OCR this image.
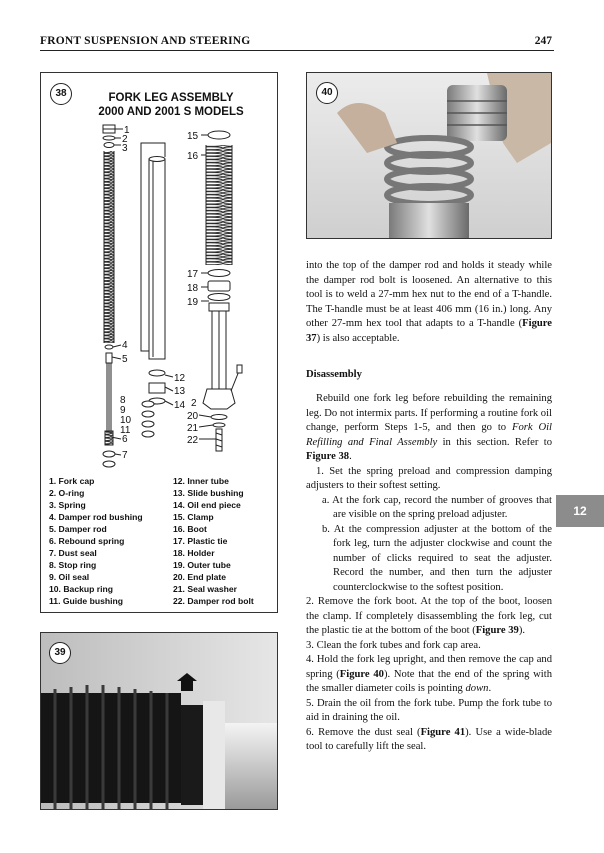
FRONT SUSPENSION AND STEERING	247
38	FORK LEG ASSEMBLY
2000 AND 2001 S MODELS
1
2
3
4
5
6
7
12
13
14
15
16
17
18
19
2
20
21
22
1. Fork cap
2. O-ring
3. Spring
4. Damper rod bushing
5. Damper rod
6. Rebound spring
7. Dust seal
8. Stop ring
9. Oil seal
10. Backup ring
11. Guide bushing
12. Inner tube
13. Slide bushing
14. Oil end piece
15. Clamp
16. Boot
17. Plastic tie
18. Holder
19. Outer tube
20. End plate
21. Seal washer
22. Damper rod bolt
8
9
10
11
39
40
12

into the top of the damper rod and holds it steady while the damper rod bolt is loosened. An alternative to this tool is to weld a 27-mm hex nut to the end of a T-handle. The T-handle must be at least 406 mm (16 in.) long. Any other 27-mm hex tool that adapts to a T-handle (Figure 37) is also acceptable.

Disassembly

Rebuild one fork leg before rebuilding the remaining leg. Do not intermix parts. If performing a routine fork oil change, perform Steps 1-5, and then go to Fork Oil Refilling and Final Assembly in this section. Refer to Figure 38.

1. Set the spring preload and compression damping adjusters to their softest setting.

a. At the fork cap, record the number of grooves that are visible on the spring preload adjuster.

b. At the compression adjuster at the bottom of the fork leg, turn the adjuster clockwise and count the number of clicks required to seat the adjuster. Record the number, and then turn the adjuster counterclockwise to the softest position.

2. Remove the fork boot. At the top of the boot, loosen the clamp. If completely disassembling the fork leg, cut the plastic tie at the bottom of the boot (Figure 39).

3. Clean the fork tubes and fork cap area.

4. Hold the fork leg upright, and then remove the cap and spring (Figure 40). Note that the end of the spring with the smaller diameter coils is pointing down.

5. Drain the oil from the fork tube. Pump the fork tube to aid in draining the oil.

6. Remove the dust seal (Figure 41). Use a wide-blade tool to carefully lift the seal.
